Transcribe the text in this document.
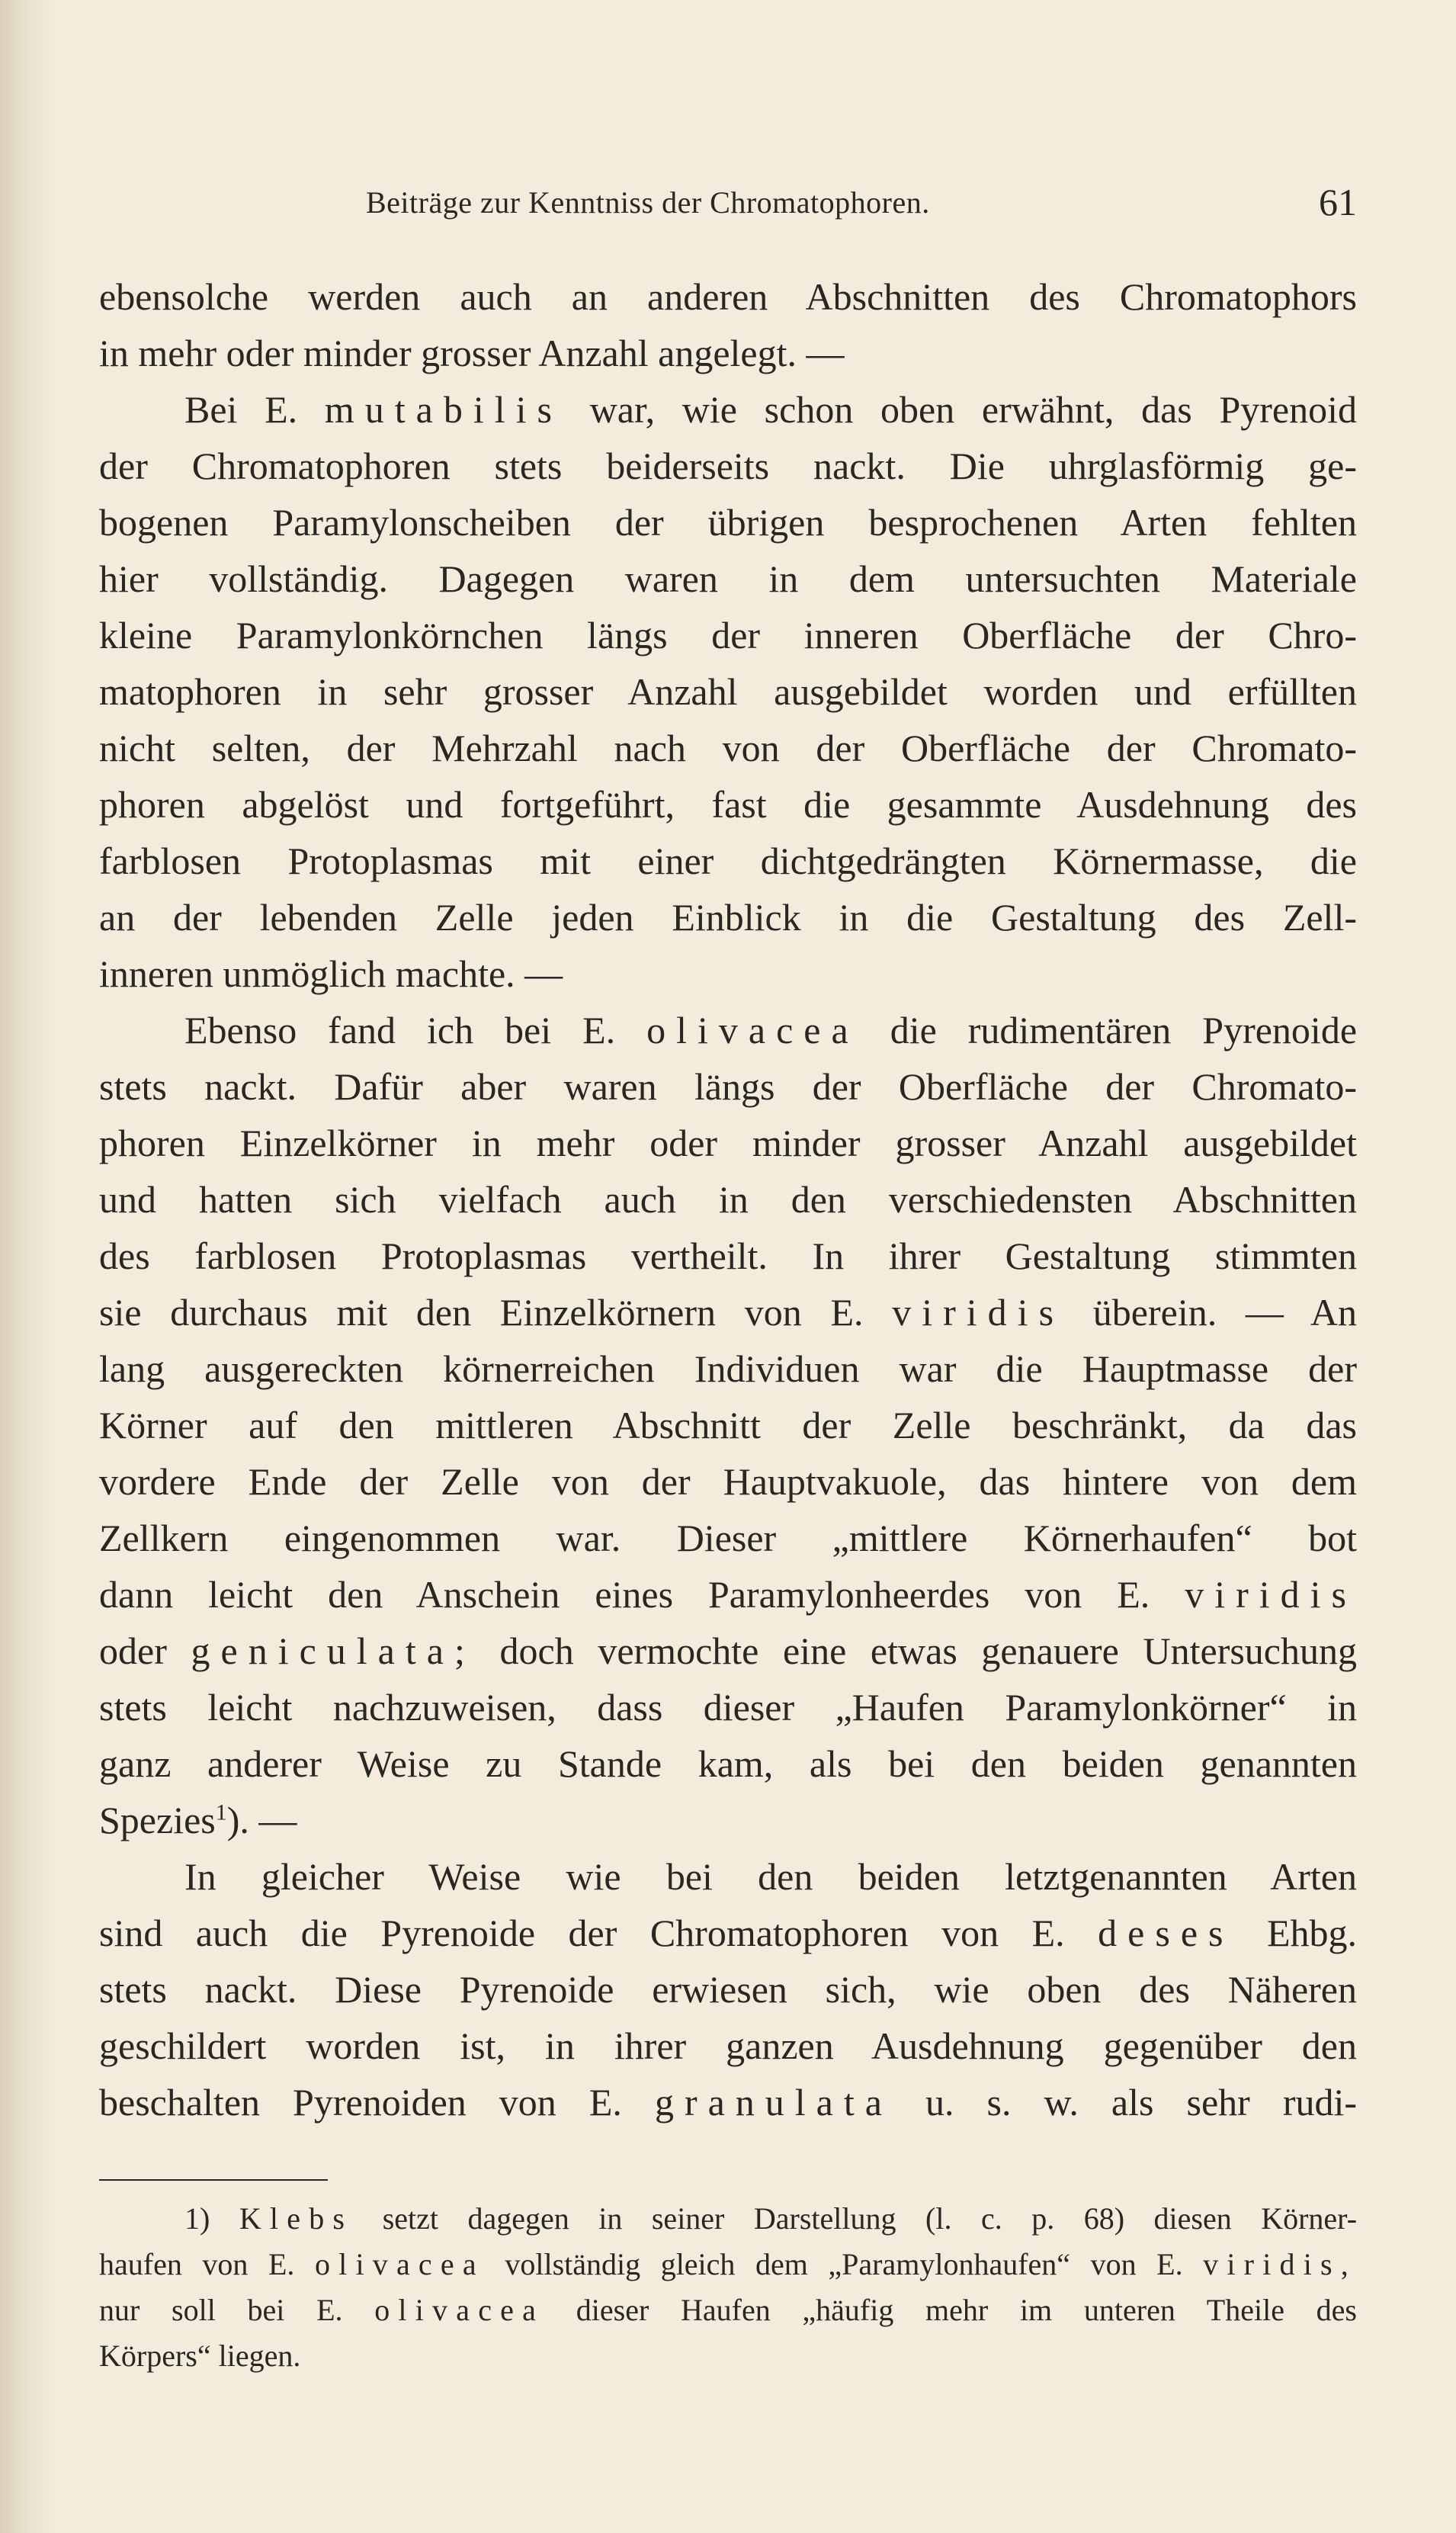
Beiträge zur Kenntniss der Chromatophoren.	61
ebensolche werden auch an anderen Abschnitten des Chromatophors
in mehr oder minder grosser Anzahl angelegt. —
Bei E. mutabilis war, wie schon oben erwähnt, das Pyrenoid
der Chromatophoren stets beiderseits nackt. Die uhrglasförmig ge-
bogenen Paramylonscheiben der übrigen besprochenen Arten fehlten
hier vollständig. Dagegen waren in dem untersuchten Materiale
kleine Paramylonkörnchen längs der inneren Oberfläche der Chro-
matophoren in sehr grosser Anzahl ausgebildet worden und erfüllten
nicht selten, der Mehrzahl nach von der Oberfläche der Chromato-
phoren abgelöst und fortgeführt, fast die gesammte Ausdehnung des
farblosen Protoplasmas mit einer dichtgedrängten Körnermasse, die
an der lebenden Zelle jeden Einblick in die Gestaltung des Zell-
inneren unmöglich machte. —
Ebenso fand ich bei E. olivacea die rudimentären Pyrenoide
stets nackt. Dafür aber waren längs der Oberfläche der Chromato-
phoren Einzelkörner in mehr oder minder grosser Anzahl ausgebildet
und hatten sich vielfach auch in den verschiedensten Abschnitten
des farblosen Protoplasmas vertheilt. In ihrer Gestaltung stimmten
sie durchaus mit den Einzelkörnern von E. viridis überein. — An
lang ausgereckten körnerreichen Individuen war die Hauptmasse der
Körner auf den mittleren Abschnitt der Zelle beschränkt, da das
vordere Ende der Zelle von der Hauptvakuole, das hintere von dem
Zellkern eingenommen war. Dieser „mittlere Körnerhaufen“ bot
dann leicht den Anschein eines Paramylonheerdes von E. viridis
oder geniculata; doch vermochte eine etwas genauere Untersuchung
stets leicht nachzuweisen, dass dieser „Haufen Paramylonkörner“ in
ganz anderer Weise zu Stande kam, als bei den beiden genannten
Spezies$^1$). —
In gleicher Weise wie bei den beiden letztgenannten Arten
sind auch die Pyrenoide der Chromatophoren von E. deses Ehbg.
stets nackt. Diese Pyrenoide erwiesen sich, wie oben des Näheren
geschildert worden ist, in ihrer ganzen Ausdehnung gegenüber den
beschalten Pyrenoiden von E. granulata u. s. w. als sehr rudi-
1) Klebs setzt dagegen in seiner Darstellung (l. c. p. 68) diesen Körner-
haufen von E. olivacea vollständig gleich dem „Paramylonhaufen“ von E. viridis,
nur soll bei E. olivacea dieser Haufen „häufig mehr im unteren Theile des
Körpers“ liegen.
